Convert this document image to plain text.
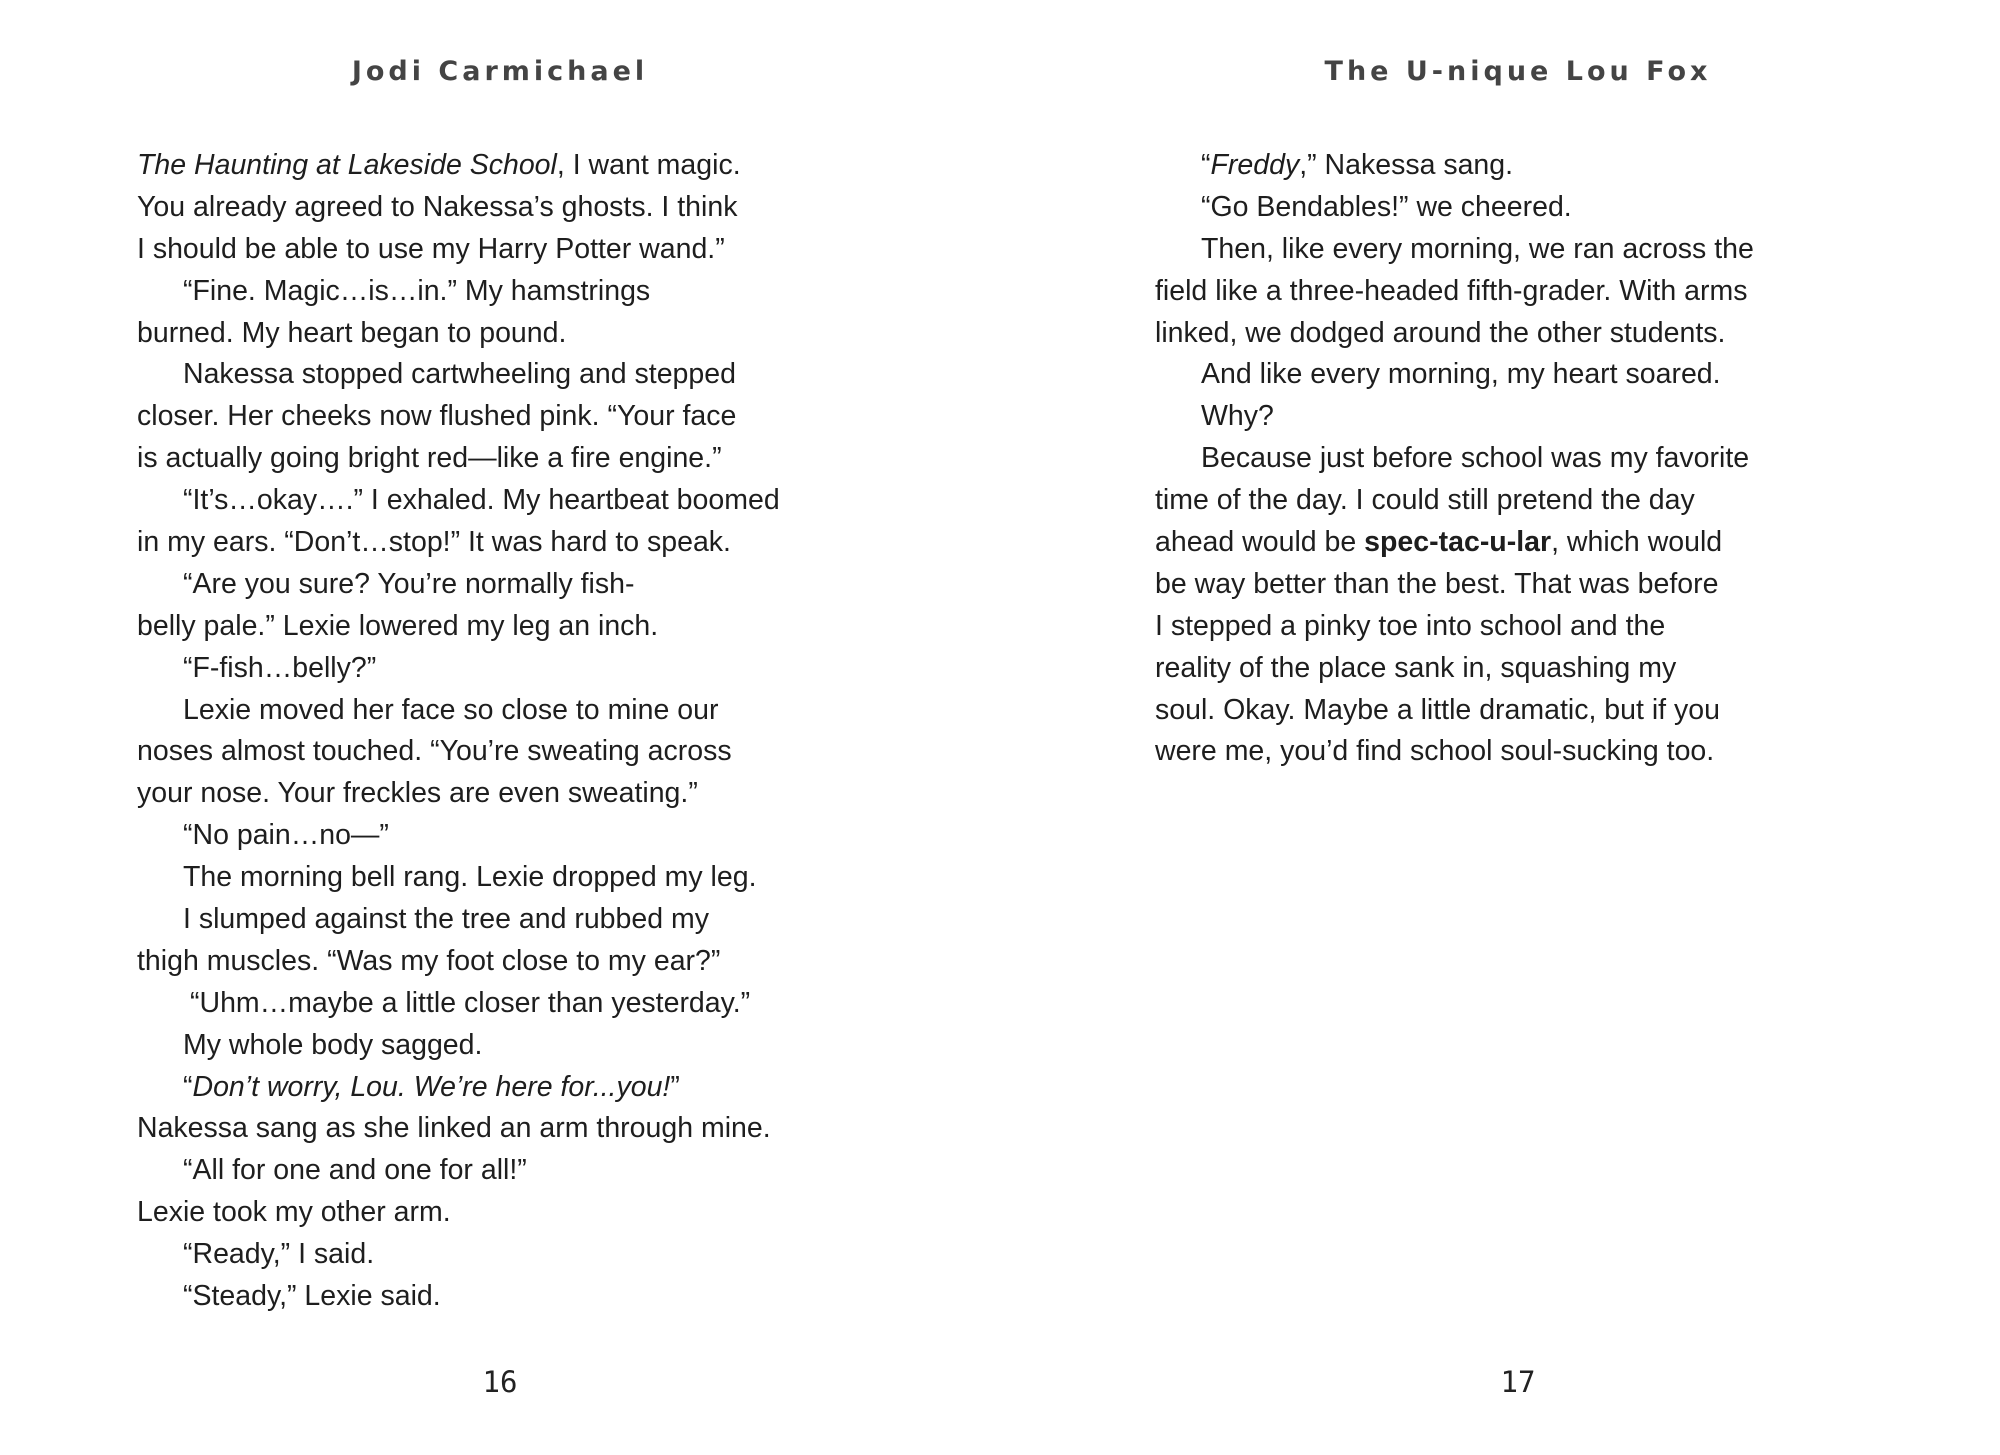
Jodi Carmichael
The Haunting at Lakeside School, I want magic.
You already agreed to Nakessa’s ghosts. I think
I should be able to use my Harry Potter wand.”
“Fine. Magic…is…in.” My hamstrings
burned. My heart began to pound.
Nakessa stopped cartwheeling and stepped
closer. Her cheeks now flushed pink. “Your face
is actually going bright red—like a fire engine.”
“It’s…okay….” I exhaled. My heartbeat boomed
in my ears. “Don’t…stop!” It was hard to speak.
“Are you sure? You’re normally fish-
belly pale.” Lexie lowered my leg an inch.
“F-fish…belly?”
Lexie moved her face so close to mine our
noses almost touched. “You’re sweating across
your nose. Your freckles are even sweating.”
“No pain…no—”
The morning bell rang. Lexie dropped my leg.
I slumped against the tree and rubbed my
thigh muscles. “Was my foot close to my ear?”
“Uhm…maybe a little closer than yesterday.”
My whole body sagged.
“Don’t worry, Lou. We’re here for...you!”
Nakessa sang as she linked an arm through mine.
“All for one and one for all!”
Lexie took my other arm.
“Ready,” I said.
“Steady,” Lexie said.
16
The U-nique Lou Fox
“Freddy,” Nakessa sang.
“Go Bendables!” we cheered.
Then, like every morning, we ran across the
field like a three-headed fifth-grader. With arms
linked, we dodged around the other students.
And like every morning, my heart soared.
Why?
Because just before school was my favorite
time of the day. I could still pretend the day
ahead would be spec-tac-u-lar, which would
be way better than the best. That was before
I stepped a pinky toe into school and the
reality of the place sank in, squashing my
soul. Okay. Maybe a little dramatic, but if you
were me, you’d find school soul-sucking too.
17
